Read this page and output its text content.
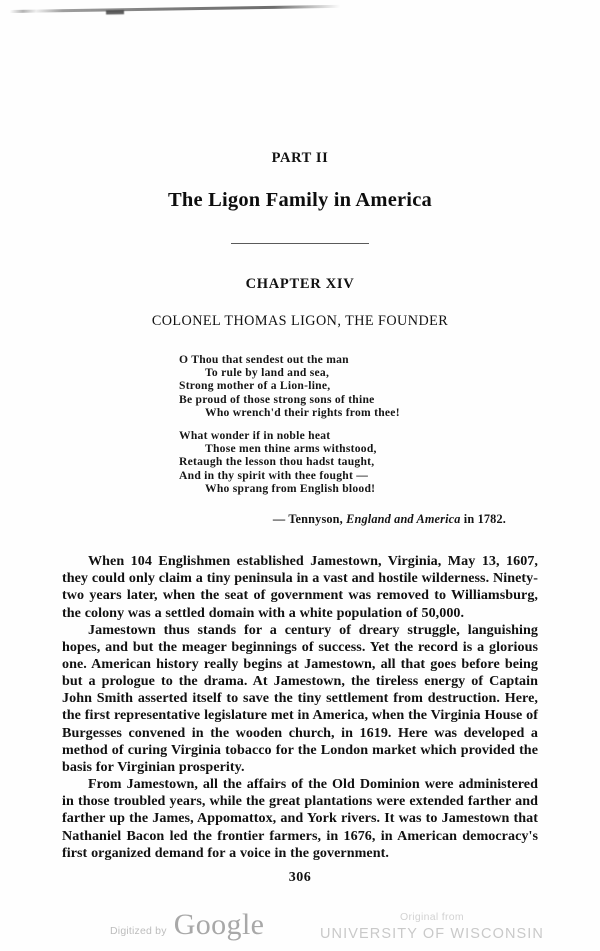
PART II
The Ligon Family in America
CHAPTER XIV
COLONEL THOMAS LIGON, THE FOUNDER
O Thou that sendest out the man
To rule by land and sea,
Strong mother of a Lion-line,
Be proud of those strong sons of thine
Who wrench'd their rights from thee!
What wonder if in noble heat
Those men thine arms withstood,
Retaugh the lesson thou hadst taught,
And in thy spirit with thee fought —
Who sprang from English blood!
— Tennyson, England and America in 1782.

When 104 Englishmen established Jamestown, Virginia, May 13, 1607, they could only claim a tiny peninsula in a vast and hostile wilderness. Ninety-two years later, when the seat of government was removed to Williamsburg, the colony was a settled domain with a white population of 50,000.

Jamestown thus stands for a century of dreary struggle, languishing hopes, and but the meager beginnings of success. Yet the record is a glorious one. American history really begins at Jamestown, all that goes before being but a prologue to the drama. At Jamestown, the tireless energy of Captain John Smith asserted itself to save the tiny settlement from destruction. Here, the first representative legislature met in America, when the Virginia House of Burgesses convened in the wooden church, in 1619. Here was developed a method of curing Virginia tobacco for the London market which provided the basis for Virginian prosperity.

From Jamestown, all the affairs of the Old Dominion were administered in those troubled years, while the great plantations were extended farther and farther up the James, Appomattox, and York rivers. It was to Jamestown that Nathaniel Bacon led the frontier farmers, in 1676, in American democracy's first organized demand for a voice in the government.

306
Digitized by Google	Original from
UNIVERSITY OF WISCONSIN
